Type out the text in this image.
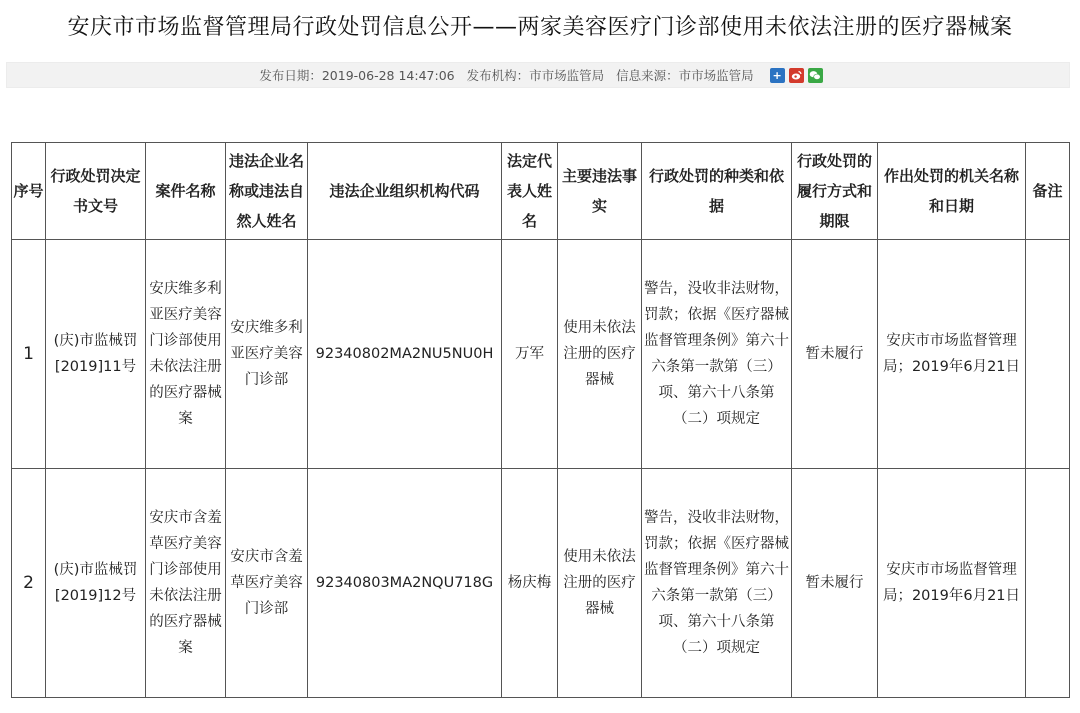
安庆市市场监督管理局行政处罚信息公开——两家美容医疗门诊部使用未依法注册的医疗器械案
发布日期：2019-06-28 14:47:06 发布机构：市市场监管局 信息来源：市市场监管局 +
序号	行政处罚决定书文号	案件名称	违法企业名称或违法自然人姓名	违法企业组织机构代码	法定代表人姓名	主要违法事实	行政处罚的种类和依据	行政处罚的履行方式和期限	作出处罚的机关名称和日期	备注
1	(庆)市监械罚[2019]11号	安庆维多利亚医疗美容门诊部使用未依法注册的医疗器械案	安庆维多利亚医疗美容门诊部	92340802MA2NU5NU0H	万军	使用未依法注册的医疗器械	警告，没收非法财物，罚款；依据《医疗器械监督管理条例》第六十六条第一款第（三）项、第六十八条第（二）项规定	暂未履行	安庆市市场监督管理局；2019年6月21日	
2	(庆)市监械罚[2019]12号	安庆市含羞草医疗美容门诊部使用未依法注册的医疗器械案	安庆市含羞草医疗美容门诊部	92340803MA2NQU718G	杨庆梅	使用未依法注册的医疗器械	警告，没收非法财物，罚款；依据《医疗器械监督管理条例》第六十六条第一款第（三）项、第六十八条第（二）项规定	暂未履行	安庆市市场监督管理局；2019年6月21日	
